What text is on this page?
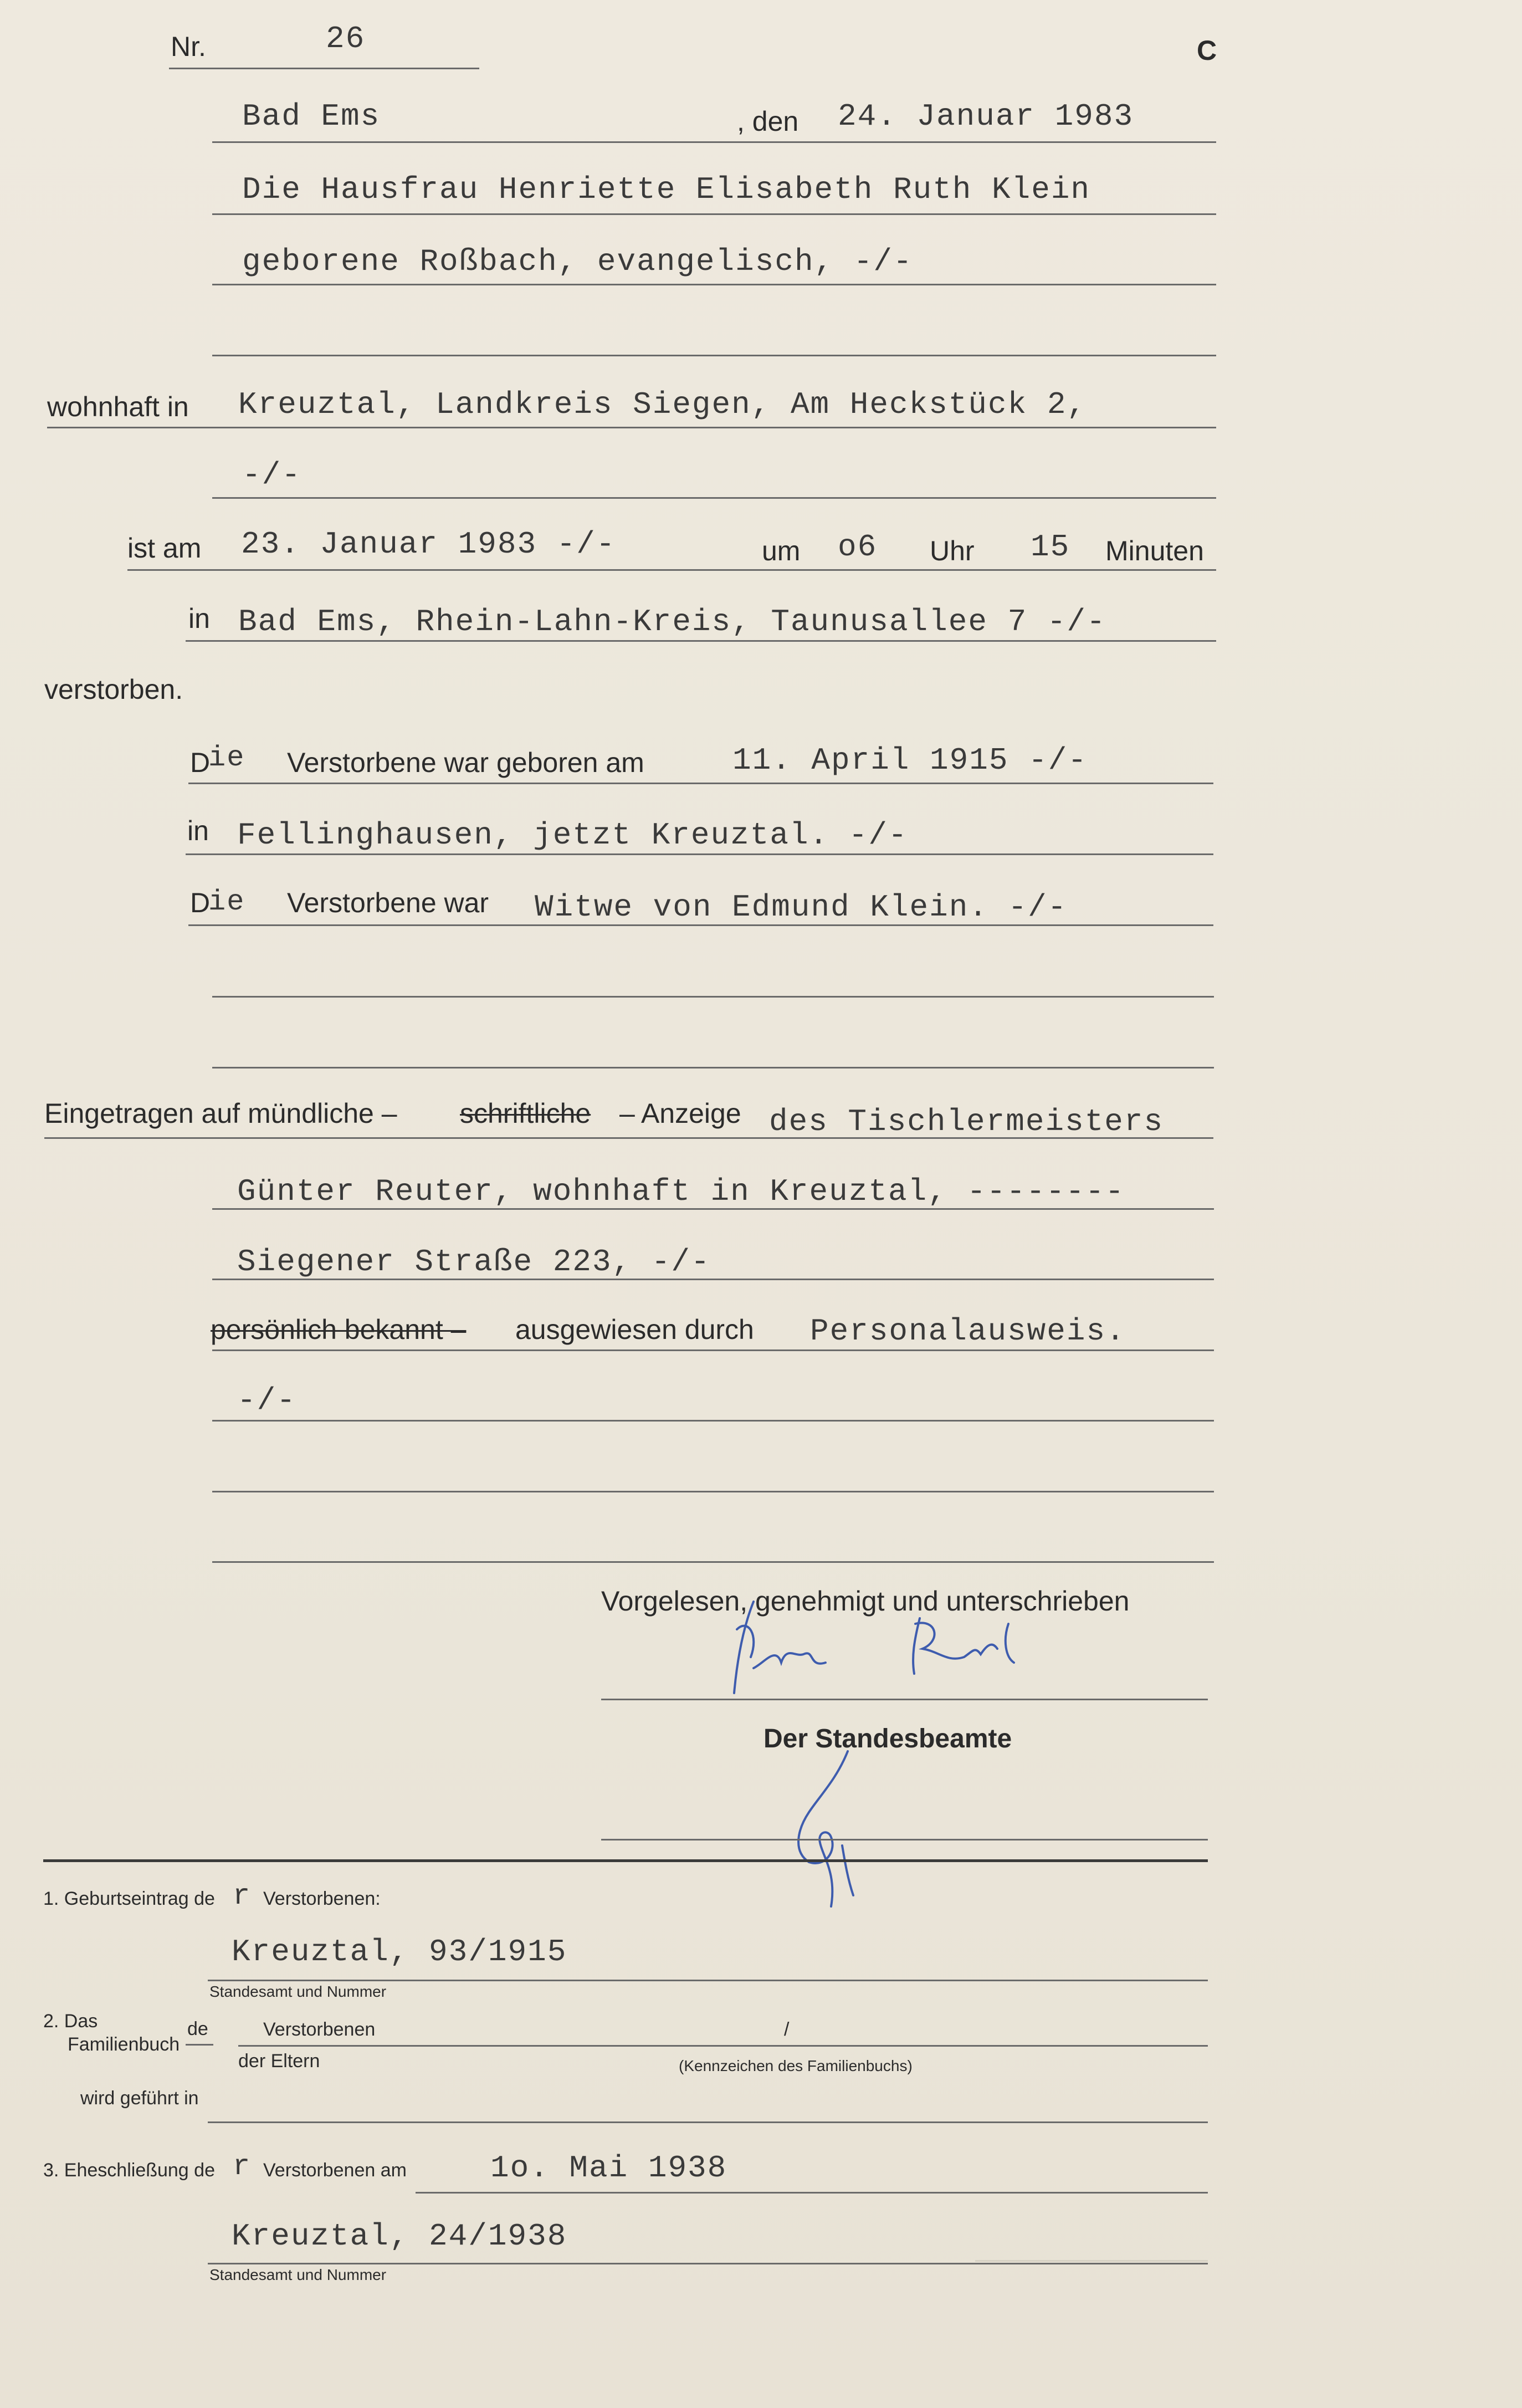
Nr.	26	C
Bad Ems	, den 24. Januar 1983
Die Hausfrau Henriette Elisabeth Ruth Klein
geborene Roßbach, evangelisch, -/-
wohnhaft in Kreuztal, Landkreis Siegen, Am Heckstück 2,
-/-
ist am 23. Januar 1983 -/-	um o6 Uhr 15 Minuten
in Bad Ems, Rhein-Lahn-Kreis, Taunusallee 7 -/-
verstorben.
D
ie Verstorbene war geboren am	11. April 1915 -/-
in Fellinghausen, jetzt Kreuztal. -/-
D
ie Verstorbene war Witwe von Edmund Klein. -/-
Eingetragen auf mündliche – schriftliche – Anzeige des Tischlermeisters
Günter Reuter, wohnhaft in Kreuztal, --------
Siegener Straße 223, -/-
persönlich bekannt – ausgewiesen durch Personalausweis.
-/-
Vorgelesen, genehmigt und unterschrieben
Der Standesbeamte
1. Geburtseintrag de r Verstorbenen:
Kreuztal, 93/1915
Standesamt und Nummer
2. Das
Familienbuch
de	Verstorbenen	/
der Eltern	(Kennzeichen des Familienbuchs)
wird geführt in
3. Eheschließung de r Verstorbenen am	1o. Mai 1938
Kreuztal, 24/1938
Standesamt und Nummer
